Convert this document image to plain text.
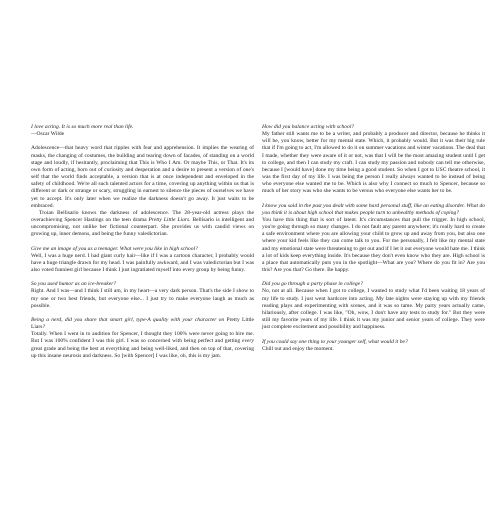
I love acting. It is so much more real than life.

—Oscar Wilde

Adolescence—that heavy word that ripples with fear and apprehension. It implies the wearing of masks, the changing of costumes, the building and tearing down of facades, of standing on a world stage and loudly, if hesitantly, proclaiming that This is Who I Am. Or maybe This, or That. It's its own form of acting, born out of curiosity and desperation and a desire to present a version of one's self that the world finds acceptable, a version that is at once independent and enveloped in the safety of childhood. We're all such talented actors for a time, covering up anything within us that is different or dark or strange or scary, struggling in earnest to silence the pieces of ourselves we have yet to accept. It's only later when we realize the darkness doesn't go away. It just waits to be embraced.

Troian Bellisario knows the darkness of adolescence. The 28-year-old actress plays the overachieving Spencer Hastings on the teen drama Pretty Little Liars. Bellisario is intelligent and uncompromising, not unlike her fictional counterpart. She provides us with candid views on growing up, inner demons, and being the funny valedictorian.

Give me an image of you as a teenager. What were you like in high school?

Well, I was a huge nerd. I had giant curly hair—like if I was a cartoon character, I probably would have a huge triangle drawn for my head. I was painfully awkward, and I was valedictorian but I was also voted funniest girl because I think I just ingratiated myself into every group by being funny.

So you used humor as an ice-breaker?

Right. And I was—and I think I still am, in my heart—a very dark person. That's the side I show to my one or two best friends, but everyone else... I just try to make everyone laugh as much as possible.

Being a nerd, did you share that smart girl, type-A quality with your character on Pretty Little Liars?

Totally. When I went in to audition for Spencer, I thought they 100% were never going to hire me. But I was 100% confident I was this girl. I was so concerned with being perfect and getting every great grade and being the best at everything and being well-liked, and then on top of that, covering up this insane neurosis and darkness. So [with Spencer] I was like, oh, this is my jam.

How did you balance acting with school?

My father still wants me to be a writer, and probably a producer and director, because he thinks it will be, you know, better for my mental state. Which, it probably would. But it was their big rule that if I'm going to act, I'm allowed to do it on summer vacations and winter vacations. The deal that I made, whether they were aware of it or not, was that I will be the most amazing student until I get to college, and then I can study my craft. I can study my passion and nobody can tell me otherwise, because I [would have] done my time being a good student. So when I got to USC theatre school, it was the first day of my life. I was being the person I really always wanted to be instead of being who everyone else wanted me to be. Which is also why I connect so much to Spencer, because so much of her story was who she wants to be versus who everyone else wants her to be.

I know you said in the past you dealt with some hard personal stuff, like an eating disorder. What do you think it is about high school that makes people turn to unhealthy methods of coping?

You have this thing that is sort of latent. It's circumstances that pull the trigger. In high school, you're going through so many changes. I do not fault any parent anywhere; it's really hard to create a safe environment where you are allowing your child to grow up and away from you, but also one where your kid feels like they can come talk to you. For me personally, I felt like my mental state and my emotional state were threatening to get out and if I let it out everyone would hate me. I think a lot of kids keep everything inside. It's because they don't even know who they are. High school is a place that automatically puts you in the spotlight—What are you? Where do you fit in? Are you this? Are you that? Go there. Be happy.

Did you go through a party phase in college?

No, not at all. Because when I got to college, I wanted to study what I'd been waiting 18 years of my life to study. I just went hardcore into acting. My late nights were staying up with my friends reading plays and experimenting with scenes, and it was so tame. My party years actually came, hilariously, after college. I was like, "Oh, wow, I don't have any tests to study for." But they were still my favorite years of my life. I think it was my junior and senior years of college. They were just complete excitement and possibility and happiness.

If you could say one thing to your younger self, what would it be?

Chill out and enjoy the moment.
